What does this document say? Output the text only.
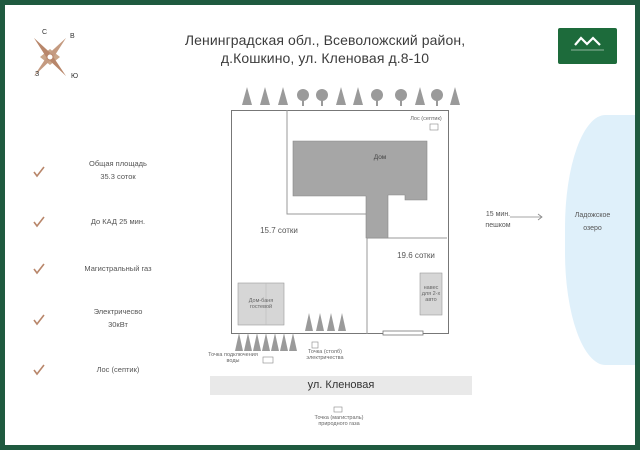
Ленинградская обл., Всеволожский район,
д.Кошкино, ул. Кленовая д.8-10
С
В
З	Ю
Общая площадь
35.3 соток
До КАД 25 мин.
Магистральный газ
Электричесво
30кВт
Лос (септик)
Лос (септик)
Дом
15.7 сотки
19.6 сотки
Дом-баня
гостевой
навес
для 2-х
авто
Точка подключения
воды
Точка (столб)
электричества
Точка (магистраль)
природного газа
15 мин.
пешком
Ладожское
озеро
ул. Кленовая
